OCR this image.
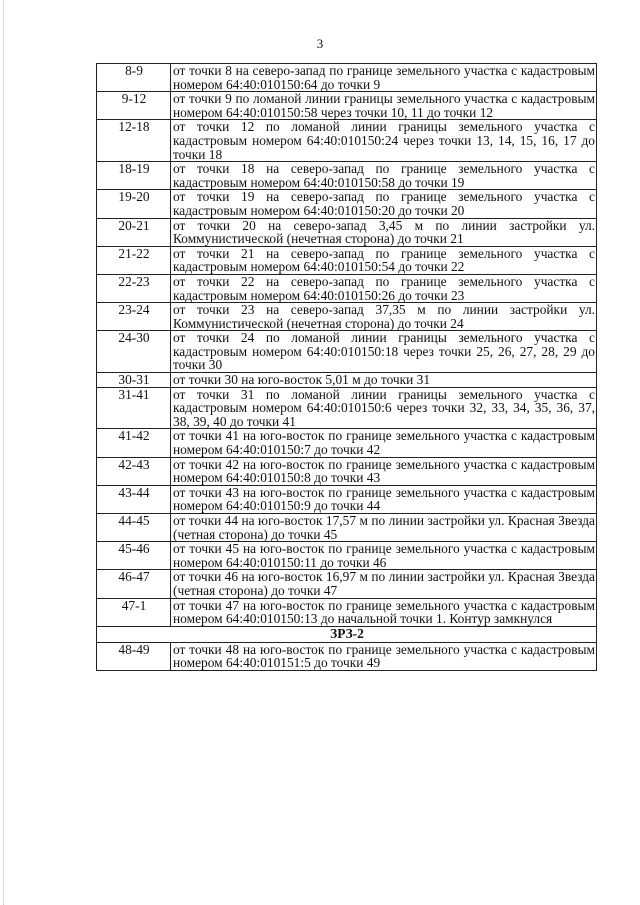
3
8-9	от точки 8 на северо-запад по границе земельного участка с кадастровым номером 64:40:010150:64 до точки 9
9-12	от точки 9 по ломаной линии границы земельного участка с кадастровым номером 64:40:010150:58 через точки 10, 11 до точки 12
12-18	от точки 12 по ломаной линии границы земельного участка с кадастровым номером 64:40:010150:24 через точки 13, 14, 15, 16, 17 до точки 18
18-19	от точки 18 на северо-запад по границе земельного участка с кадастровым номером 64:40:010150:58 до точки 19
19-20	от точки 19 на северо-запад по границе земельного участка с кадастровым номером 64:40:010150:20 до точки 20
20-21	от точки 20 на северо-запад 3,45 м по линии застройки ул. Коммунистической (нечетная сторона) до точки 21
21-22	от точки 21 на северо-запад по границе земельного участка с кадастровым номером 64:40:010150:54 до точки 22
22-23	от точки 22 на северо-запад по границе земельного участка с кадастровым номером 64:40:010150:26 до точки 23
23-24	от точки 23 на северо-запад 37,35 м по линии застройки ул. Коммунистической (нечетная сторона) до точки 24
24-30	от точки 24 по ломаной линии границы земельного участка с кадастровым номером 64:40:010150:18 через точки 25, 26, 27, 28, 29 до точки 30
30-31	от точки 30 на юго-восток 5,01 м до точки 31
31-41	от точки 31 по ломаной линии границы земельного участка с кадастровым номером 64:40:010150:6 через точки 32, 33, 34, 35, 36, 37, 38, 39, 40 до точки 41
41-42	от точки 41 на юго-восток по границе земельного участка с кадастровым номером 64:40:010150:7 до точки 42
42-43	от точки 42 на юго-восток по границе земельного участка с кадастровым номером 64:40:010150:8 до точки 43
43-44	от точки 43 на юго-восток по границе земельного участка с кадастровым номером 64:40:010150:9 до точки 44
44-45	от точки 44 на юго-восток 17,57 м по линии застройки ул. Красная Звезда (четная сторона) до точки 45
45-46	от точки 45 на юго-восток по границе земельного участка с кадастровым номером 64:40:010150:11 до точки 46
46-47	от точки 46 на юго-восток 16,97 м по линии застройки ул. Красная Звезда (четная сторона) до точки 47
47-1	от точки 47 на юго-восток по границе земельного участка с кадастровым номером 64:40:010150:13 до начальной точки 1. Контур замкнулся
ЗРЗ-2	
48-49	от точки 48 на юго-восток по границе земельного участка с кадастровым номером 64:40:010151:5 до точки 49
